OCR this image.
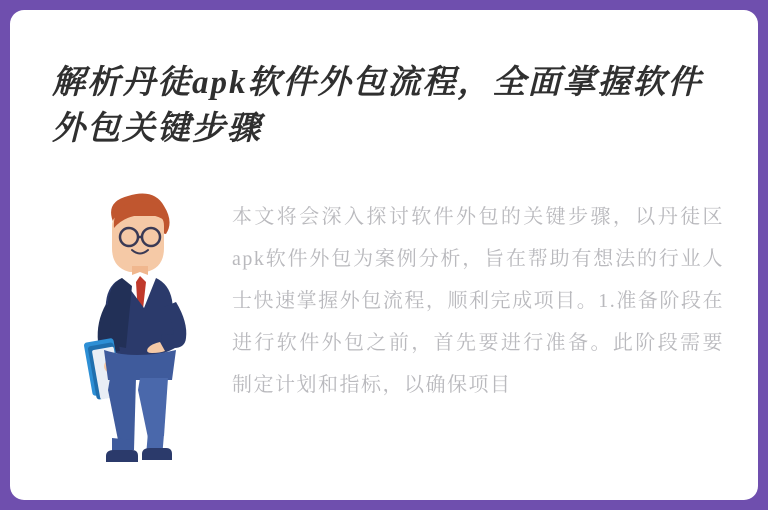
解析丹徒apk软件外包流程，全面掌握软件外包关键步骤
本文将会深入探讨软件外包的关键步骤，以丹徒区apk软件外包为案例分析，旨在帮助有想法的行业人士快速掌握外包流程，顺利完成项目。1.准备阶段在进行软件外包之前，首先要进行准备。此阶段需要制定计划和指标，以确保项目
